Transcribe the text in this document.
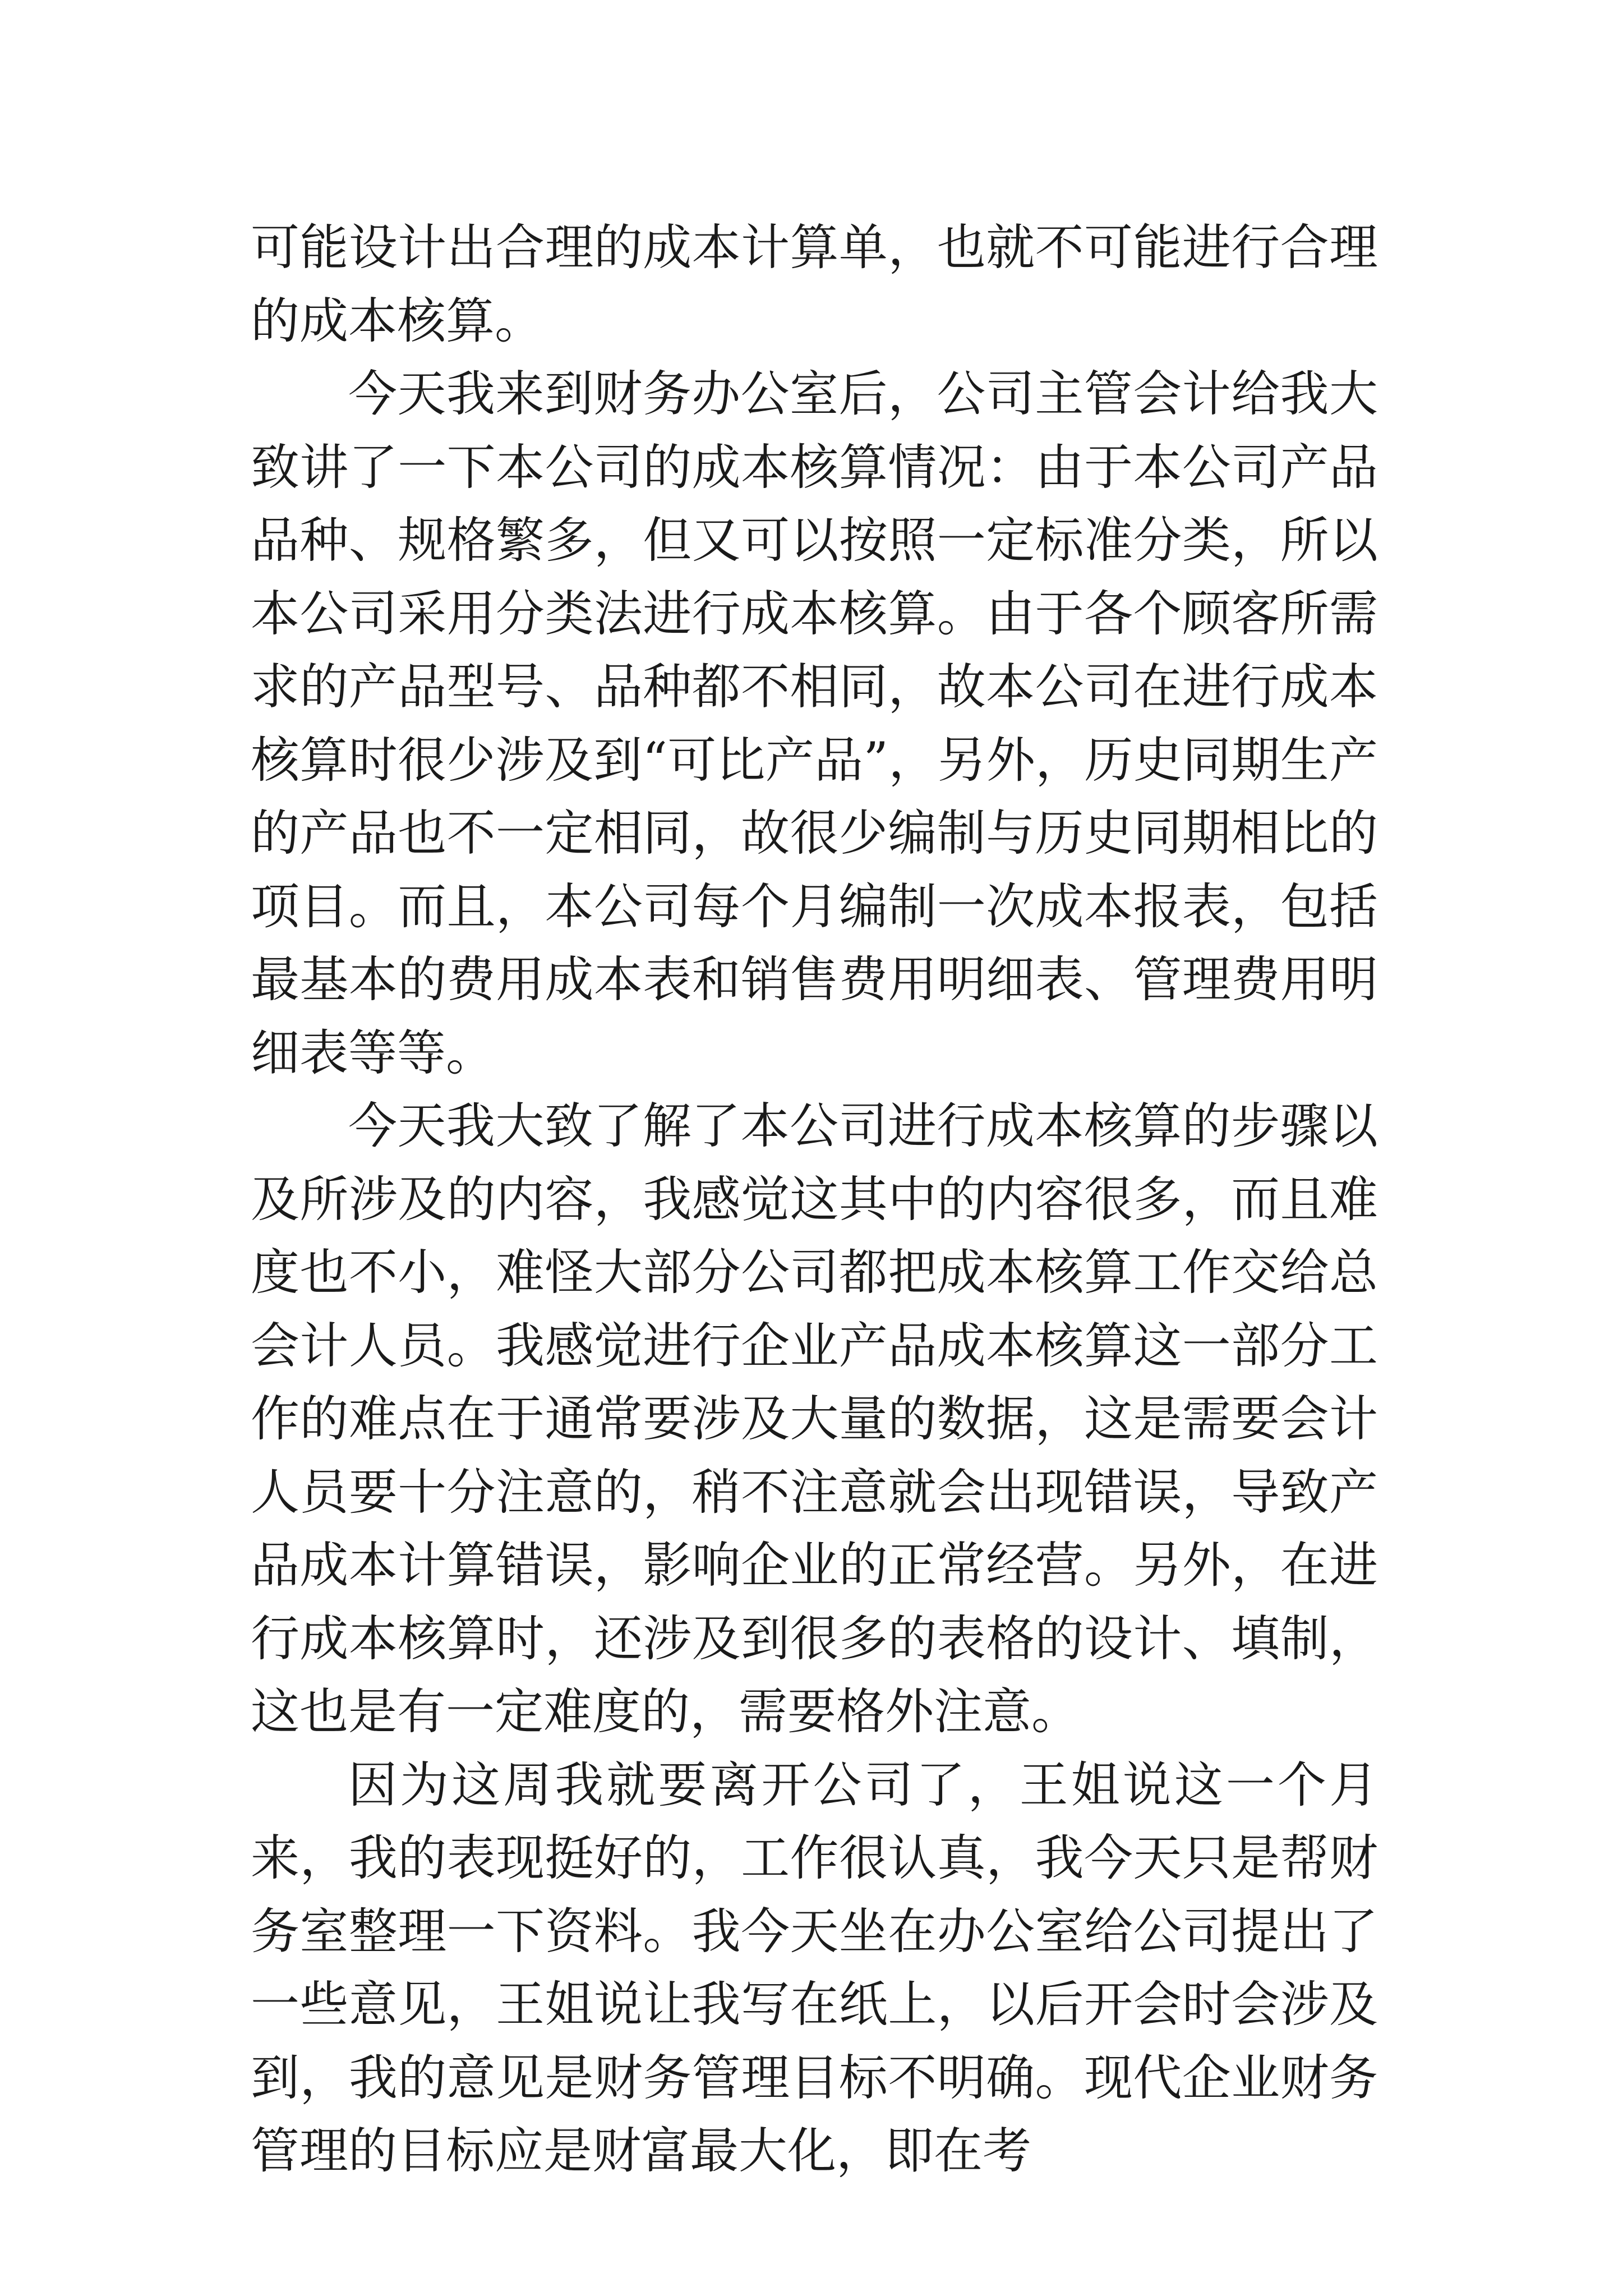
可能设计出合理的成本计算单，也就不可能进行合理的成本核算。

今天我来到财务办公室后，公司主管会计给我大致讲了一下本公司的成本核算情况：由于本公司产品品种、规格繁多，但又可以按照一定标准分类，所以本公司采用分类法进行成本核算。由于各个顾客所需求的产品型号、品种都不相同，故本公司在进行成本核算时很少涉及到“可比产品”，另外，历史同期生产的产品也不一定相同，故很少编制与历史同期相比的项目。而且，本公司每个月编制一次成本报表，包括最基本的费用成本表和销售费用明细表、管理费用明细表等等。

今天我大致了解了本公司进行成本核算的步骤以及所涉及的内容，我感觉这其中的内容很多，而且难度也不小，难怪大部分公司都把成本核算工作交给总会计人员。我感觉进行企业产品成本核算这一部分工作的难点在于通常要涉及大量的数据，这是需要会计人员要十分注意的，稍不注意就会出现错误，导致产品成本计算错误，影响企业的正常经营。另外，在进行成本核算时，还涉及到很多的表格的设计、填制，这也是有一定难度的，需要格外注意。

因为这周我就要离开公司了，王姐说这一个月来，我的表现挺好的，工作很认真，我今天只是帮财务室整理一下资料。我今天坐在办公室给公司提出了一些意见，王姐说让我写在纸上，以后开会时会涉及到，我的意见是财务管理目标不明确。现代企业财务管理的目标应是财富最大化，即在考
